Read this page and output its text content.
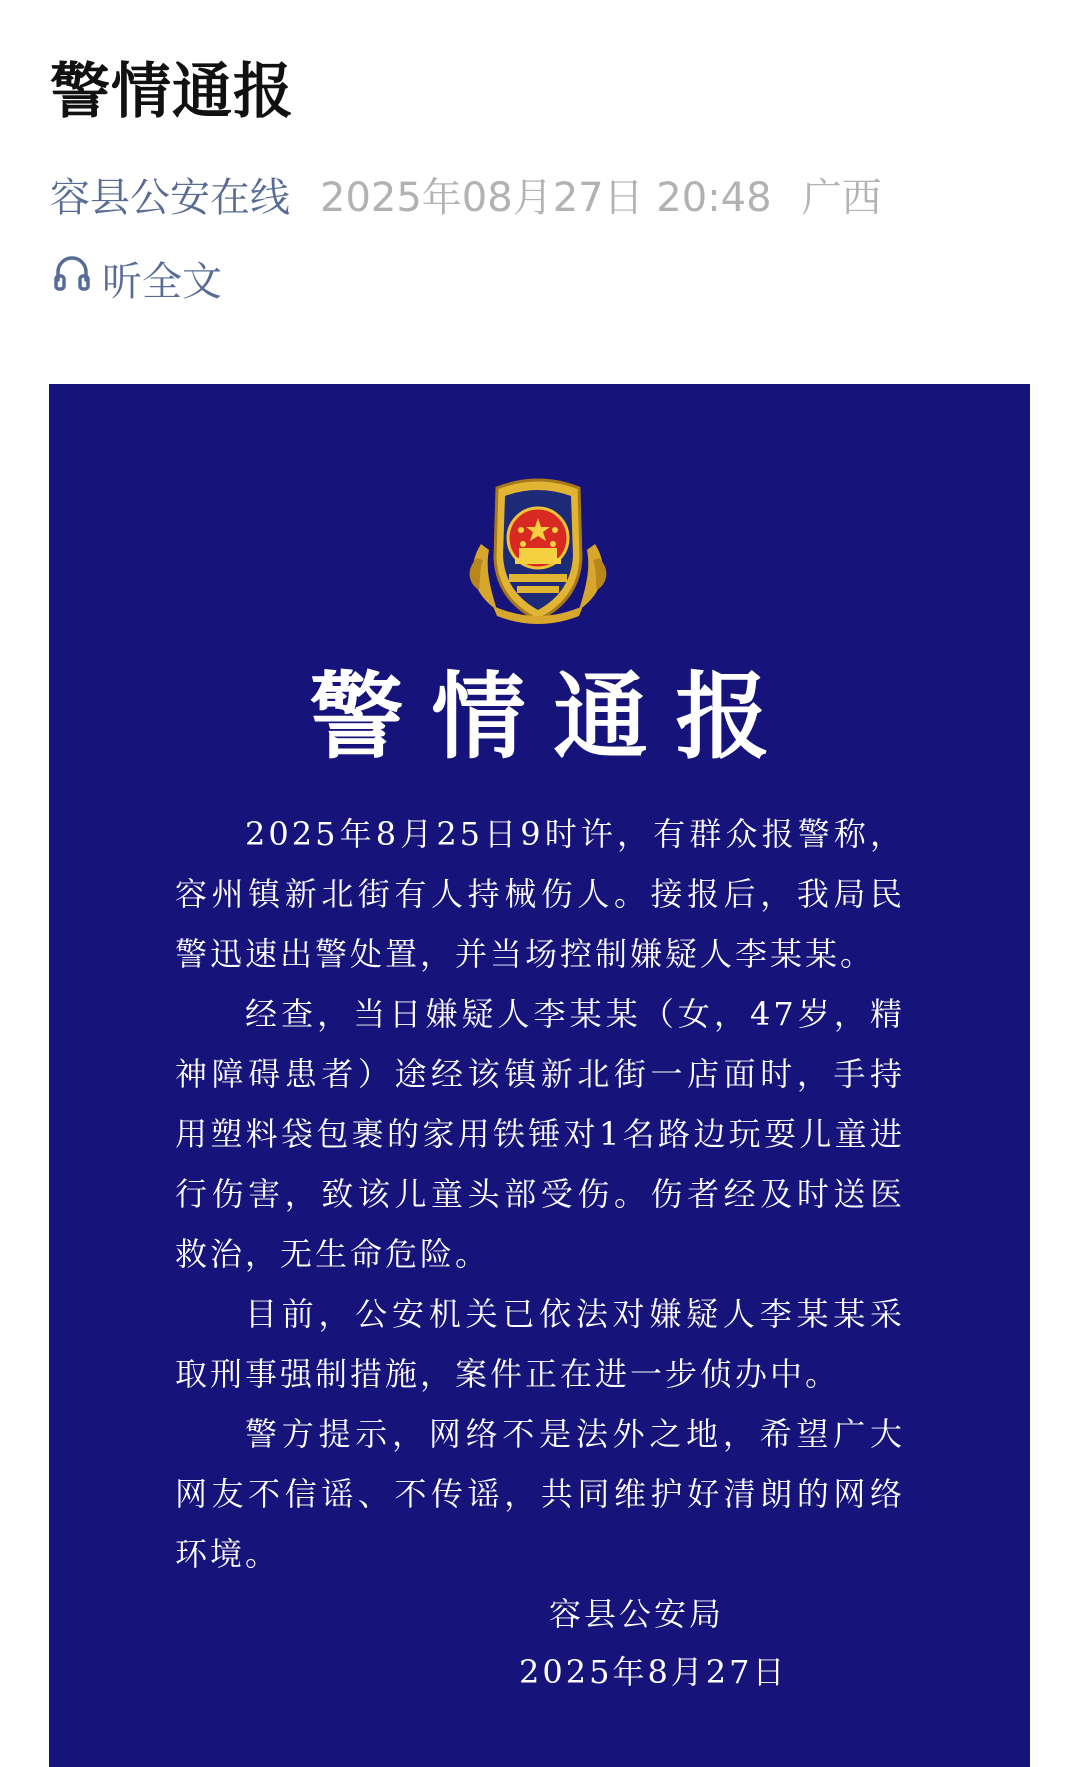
警情通报
容县公安在线 2025年08月27日 20:48 广西
听全文
警情通报

2025年8月25日9时许，有群众报警称，容州镇新北街有人持械伤人。接报后，我局民警迅速出警处置，并当场控制嫌疑人李某某。

经查，当日嫌疑人李某某（女，47岁，精神障碍患者）途经该镇新北街一店面时，手持用塑料袋包裹的家用铁锤对1名路边玩耍儿童进行伤害，致该儿童头部受伤。伤者经及时送医救治，无生命危险。

目前，公安机关已依法对嫌疑人李某某采取刑事强制措施，案件正在进一步侦办中。

警方提示，网络不是法外之地，希望广大网友不信谣、不传谣，共同维护好清朗的网络环境。

容县公安局
2025年8月27日
